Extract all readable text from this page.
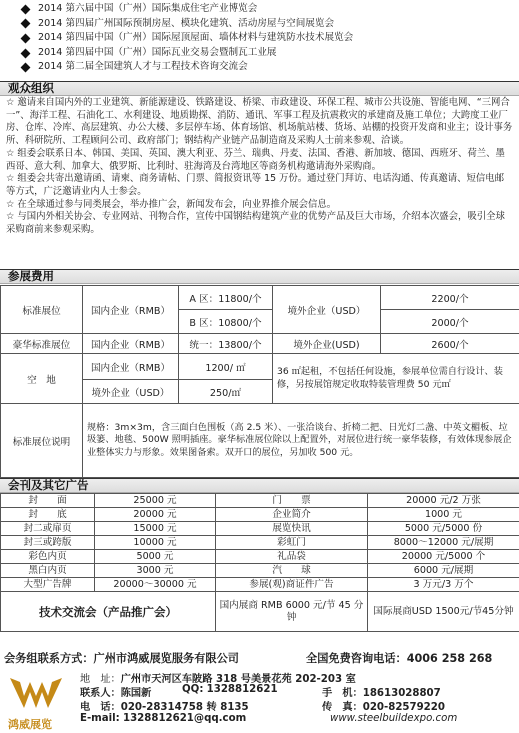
2014 第六届中国（广州）国际集成住宅产业博览会
2014 第四届广州国际预制房屋、模块化建筑、活动房屋与空间展览会
2014 第四届中国（广州）国际屋顶屋面、墙体材料与建筑防水技术展览会
2014 第四届中国（广州）国际瓦业交易会暨制瓦工业展
2014 第二届全国建筑人才与工程技术咨询交流会
观众组织

☆ 邀请来自国内外的工业建筑、新能源建设、铁路建设、桥梁、市政建设、环保工程、城市公共设施、智能电网、“三网合一”、海洋工程、石油化工、水利建设、地质勘探、消防、通讯、军事工程及抗震救灾的承建商及施工单位；大跨度工业厂房、仓库、冷库、高层建筑、办公大楼、多层停车场、体育场馆、机场航站楼、货场、站棚的投资开发商和业主；设计事务所、科研院所、工程顾问公司、政府部门；钢结构产业链产品制造商及采购人士前来参观、洽谈。

☆ 组委会联系日本、韩国、美国、英国、澳大利亚、芬兰、瑞典、丹麦、法国、香港、新加坡、德国、西班牙、荷兰、墨西哥、意大利、加拿大、俄罗斯、比利时、驻海湾及台湾地区等商务机构邀请海外采购商。

☆ 组委会共寄出邀请函、请柬、商务请帖、门票、简报资讯等 15 万份。通过登门拜访、电话沟通、传真邀请、短信电邮等方式，广泛邀请业内人士参会。

☆ 在全球通过参与同类展会，举办推广会，新闻发布会，向业界推介展会信息。

☆ 与国内外相关协会、专业网站、刊物合作，宣传中国钢结构建筑产业的优势产品及巨大市场，介绍本次盛会，吸引全球采购商前来参观采购。

参展费用
标准展位	国内企业（RMB）	A 区：11800/个	境外企业（USD）	2200/个
		B 区：10800/个		2000/个
豪华标准展位	国内企业（RMB）	统一：13800/个	境外企业(USD)	2600/个
空　地	国内企业（RMB）	1200/ ㎡	36 ㎡起租，不包括任何设施，参展单位需自行设计、装修，另按展馆规定收取特装管理费 50 元㎡	
	境外企业（USD）	250/㎡		
标准展位说明	规格：3m×3m，含三面白色围板（高 2.5 米）、一张洽谈台、折椅二把、日光灯二盏、中英文楣板、垃圾篓、地毯、500W 照明插座。豪华标准展位除以上配置外，对展位进行统一豪华装修，有效体现参展企业整体实力与形象。效果图备索。双开口的展位，另加收 500 元。			
会刊及其它广告
封　　面	25000 元	门　　票	20000 元/2 万张
封　　底	20000 元	企业简介	1000 元
封二或扉页	15000 元	展览快讯	5000 元/5000 份
封三或跨版	10000 元	彩虹门	8000～12000 元/展期
彩色内页	5000 元	礼品袋	20000 元/5000 个
黑白内页	3000 元	汽　　球	6000 元/展期
大型广告牌	20000～30000 元	参展(观)商证件广告	3 万元/3 万个
技术交流会（产品推广会）		国内展商 RMB 6000 元/节 45 分钟	国际展商USD 1500元/节45分钟
会务组联系方式：广州市鸿威展览服务有限公司	全国免费咨询电话：4006 258 268
鸿威展览
地　址：广州市天河区车陂路 318 号美景花苑 202-203 室
联系人：陈国新	QQ: 1328812621	手　机：18613028807
电　话：020-28314758 转 8135	传　真：020-82579220
E-mail: 1328812621@qq.com	www.steelbuildexpo.com
